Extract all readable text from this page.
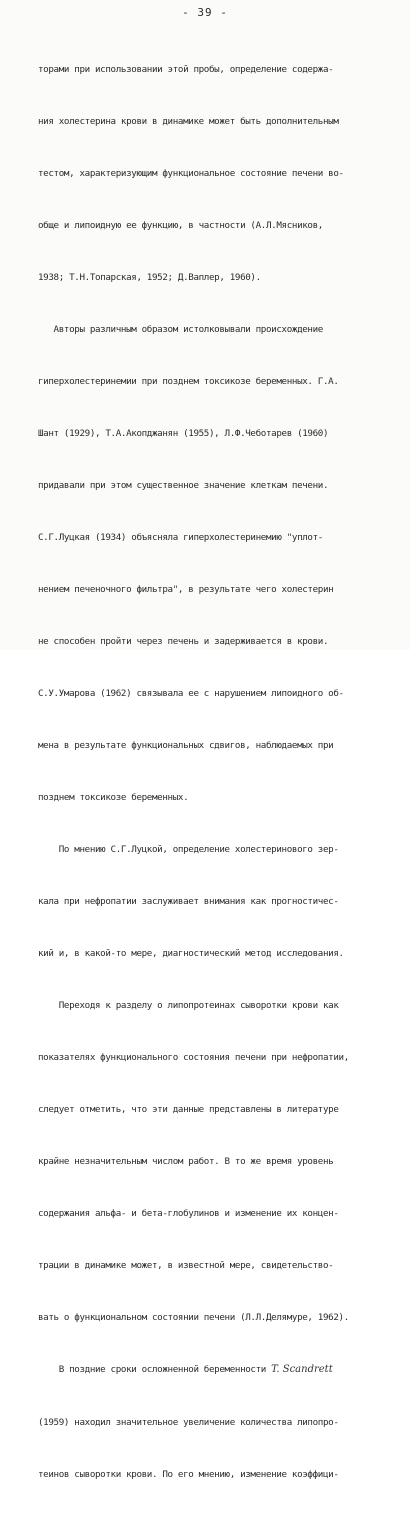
- 39 -

торами при использовании этой пробы, определение содержа-

ния холестерина крови в динамике может быть дополнительным

тестом, характеризующим функциональное состояние печени во-

обще и липоидную ее функцию, в частности (А.Л.Мясников,

1938; Т.Н.Топарская, 1952; Д.Ваплер, 1960).

Авторы различным образом истолковывали происхождение

гиперхолестеринемии при позднем токсикозе беременных. Г.А.

Шант (1929), Т.А.Акопджанян (1955), Л.Ф.Чеботарев (1960)

придавали при этом существенное значение клеткам печени.

С.Г.Луцкая (1934) объясняла гиперхолестеринемию "уплот-

нением печеночного фильтра", в результате чего холестерин

не способен пройти через печень и задерживается в крови.

С.У.Умарова (1962) связывала ее с нарушением липоидного об-

мена в результате функциональных сдвигов, наблюдаемых при

позднем токсикозе беременных.

По мнению С.Г.Луцкой, определение холестеринового зер-

кала при нефропатии заслуживает внимания как прогностичес-

кий и, в какой-то мере, диагностический метод исследования.

Переходя к разделу о липопротеинах сыворотки крови как

показателях функционального состояния печени при нефропатии,

следует отметить, что эти данные представлены в литературе

крайне незначительным числом работ. В то же время уровень

содержания альфа- и бета-глобулинов и изменение их концен-

трации в динамике может, в известной мере, свидетельство-

вать о функциональном состоянии печени (Л.Л.Делямуре, 1962).

В поздние сроки осложненной беременности T. Scandrett

(1959) находил значительное увеличение количества липопро-

теинов сыворотки крови. По его мнению, изменение коэффици-
